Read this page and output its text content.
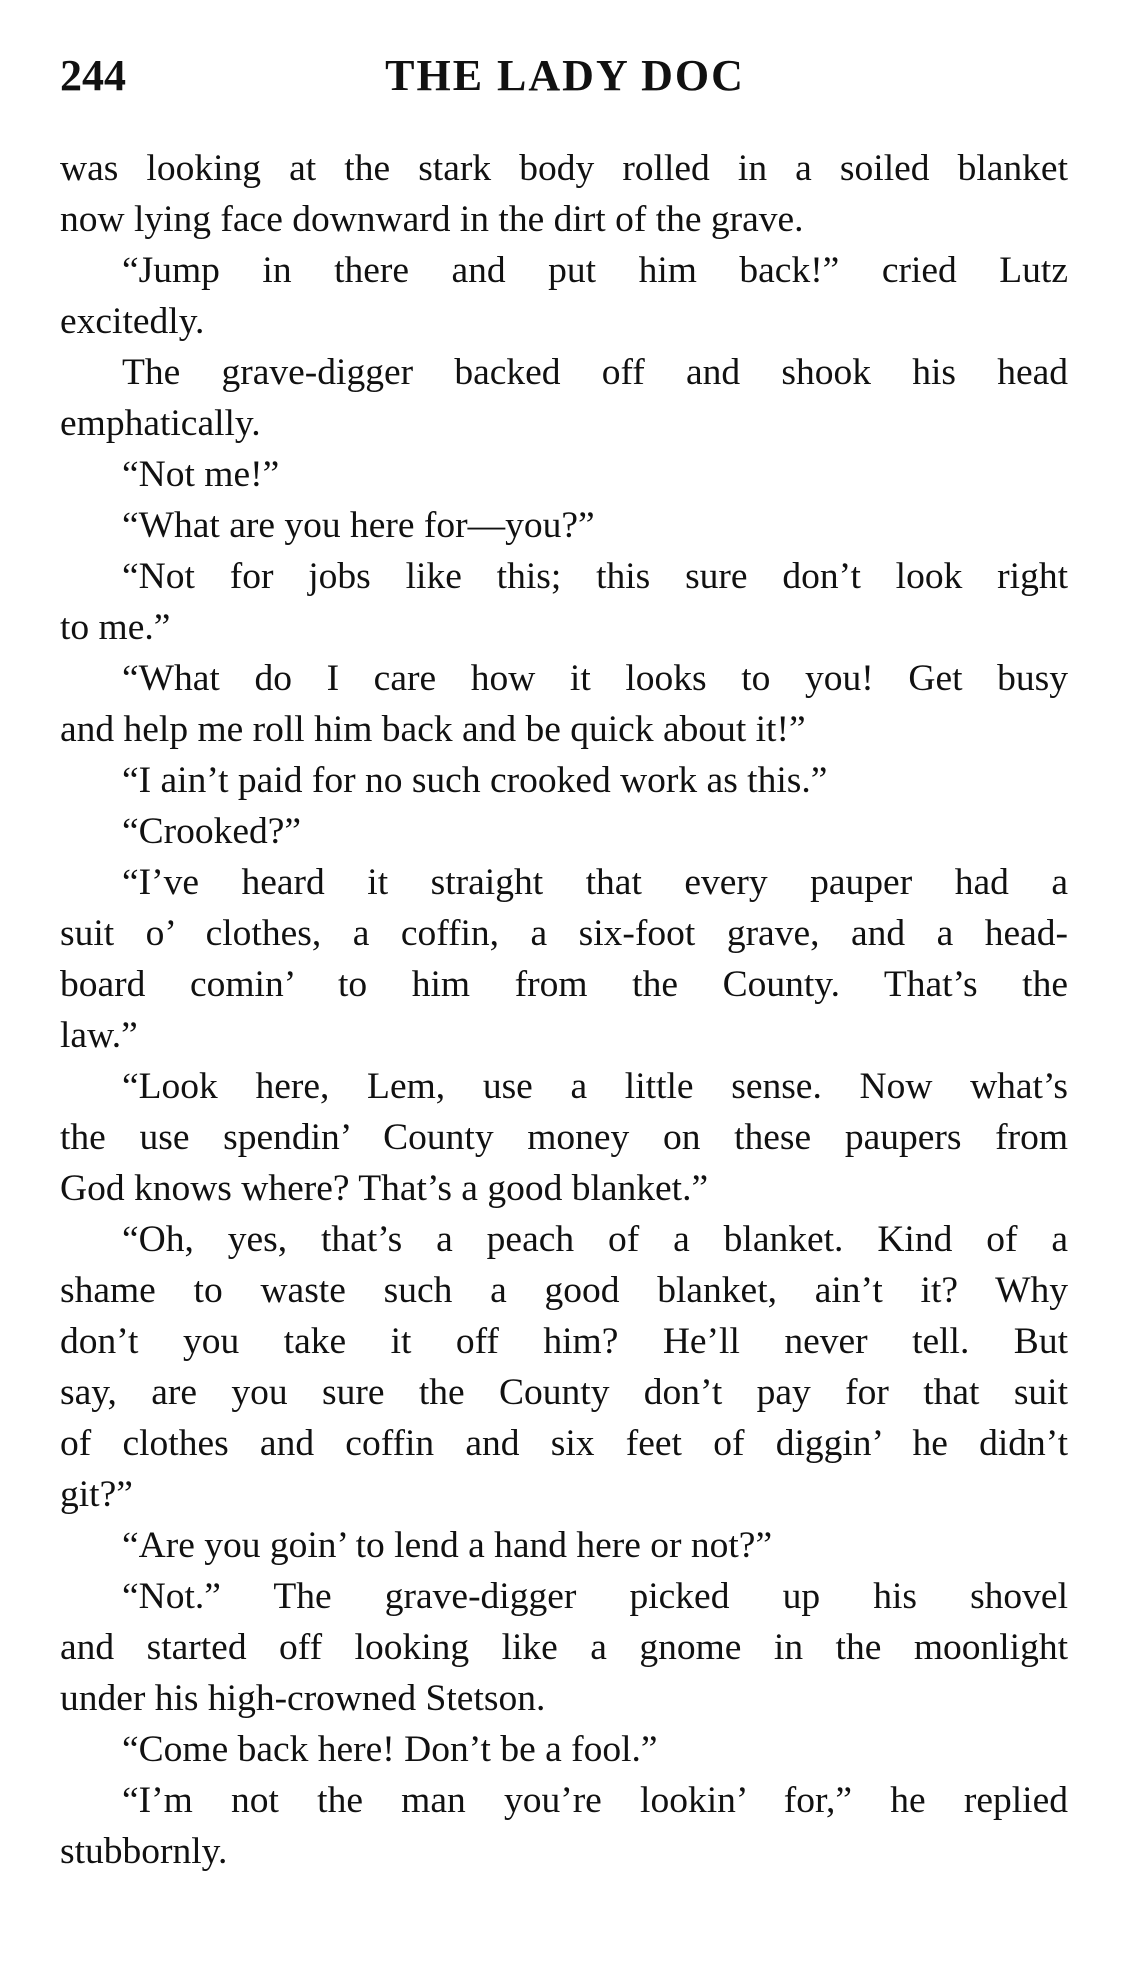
244	THE LADY DOC
was looking at the stark body rolled in a soiled blanket
now lying face downward in the dirt of the grave.
“Jump in there and put him back!” cried Lutz
excitedly.
The grave-digger backed off and shook his head
emphatically.
“Not me!”
“What are you here for—you?”
“Not for jobs like this; this sure don’t look right
to me.”
“What do I care how it looks to you! Get busy
and help me roll him back and be quick about it!”
“I ain’t paid for no such crooked work as this.”
“Crooked?”
“I’ve heard it straight that every pauper had a
suit o’ clothes, a coffin, a six-foot grave, and a head-
board comin’ to him from the County. That’s the
law.”
“Look here, Lem, use a little sense. Now what’s
the use spendin’ County money on these paupers from
God knows where? That’s a good blanket.”
“Oh, yes, that’s a peach of a blanket. Kind of a
shame to waste such a good blanket, ain’t it? Why
don’t you take it off him? He’ll never tell. But
say, are you sure the County don’t pay for that suit
of clothes and coffin and six feet of diggin’ he didn’t
git?”
“Are you goin’ to lend a hand here or not?”
“Not.” The grave-digger picked up his shovel
and started off looking like a gnome in the moonlight
under his high-crowned Stetson.
“Come back here! Don’t be a fool.”
“I’m not the man you’re lookin’ for,” he replied
stubbornly.
